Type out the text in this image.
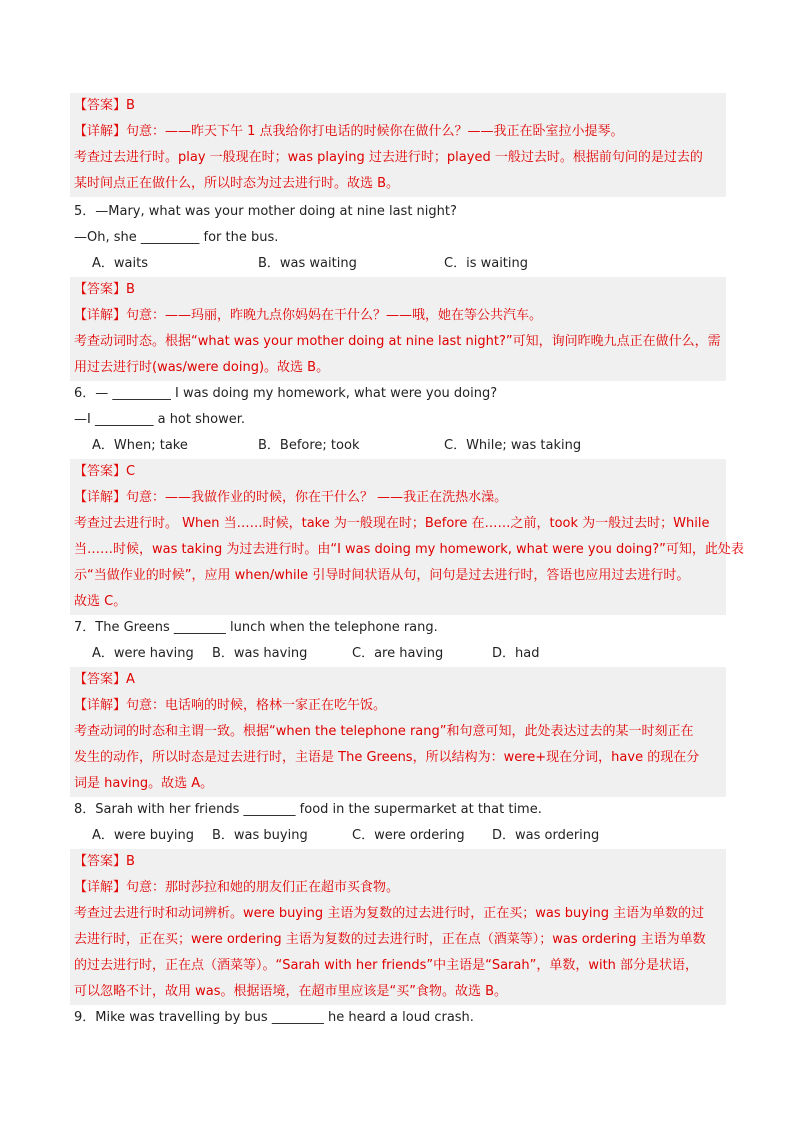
【答案】B
【详解】句意：——昨天下午 1 点我给你打电话的时候你在做什么？——我正在卧室拉小提琴。
考查过去进行时。play 一般现在时；was playing 过去进行时；played 一般过去时。根据前句问的是过去的
某时间点正在做什么，所以时态为过去进行时。故选 B。
5．—Mary, what was your mother doing at nine last night?
—Oh, she _________ for the bus.
A．waits	B．was waiting	C．is waiting
【答案】B
【详解】句意：——玛丽，昨晚九点你妈妈在干什么？——哦，她在等公共汽车。
考查动词时态。根据“what was your mother doing at nine last night?”可知，询问昨晚九点正在做什么，需
用过去进行时(was/were doing)。故选 B。
6．— _________ I was doing my homework, what were you doing?
—I _________ a hot shower.
A．When; take	B．Before; took	C．While; was taking
【答案】C
【详解】句意：——我做作业的时候，你在干什么？ ——我正在洗热水澡。
考查过去进行时。 When 当……时候，take 为一般现在时；Before 在……之前，took 为一般过去时；While
当……时候，was taking 为过去进行时。由“I was doing my homework, what were you doing?”可知，此处表
示“当做作业的时候”，应用 when/while 引导时间状语从句，问句是过去进行时，答语也应用过去进行时。
故选 C。
7．The Greens ________ lunch when the telephone rang.
A．were having B．was having	C．are having	D．had
【答案】A
【详解】句意：电话响的时候，格林一家正在吃午饭。
考查动词的时态和主谓一致。根据“when the telephone rang”和句意可知，此处表达过去的某一时刻正在
发生的动作，所以时态是过去进行时，主语是 The Greens，所以结构为：were+现在分词，have 的现在分
词是 having。故选 A。
8．Sarah with her friends ________ food in the supermarket at that time.
A．were buying B．was buying	C．were ordering D．was ordering
【答案】B
【详解】句意：那时莎拉和她的朋友们正在超市买食物。
考查过去进行时和动词辨析。were buying 主语为复数的过去进行时，正在买；was buying 主语为单数的过
去进行时，正在买；were ordering 主语为复数的过去进行时，正在点（酒菜等）；was ordering 主语为单数
的过去进行时，正在点（酒菜等）。“Sarah with her friends”中主语是“Sarah”，单数，with 部分是状语，
可以忽略不计，故用 was。根据语境，在超市里应该是“买”食物。故选 B。
9．Mike was travelling by bus ________ he heard a loud crash.
